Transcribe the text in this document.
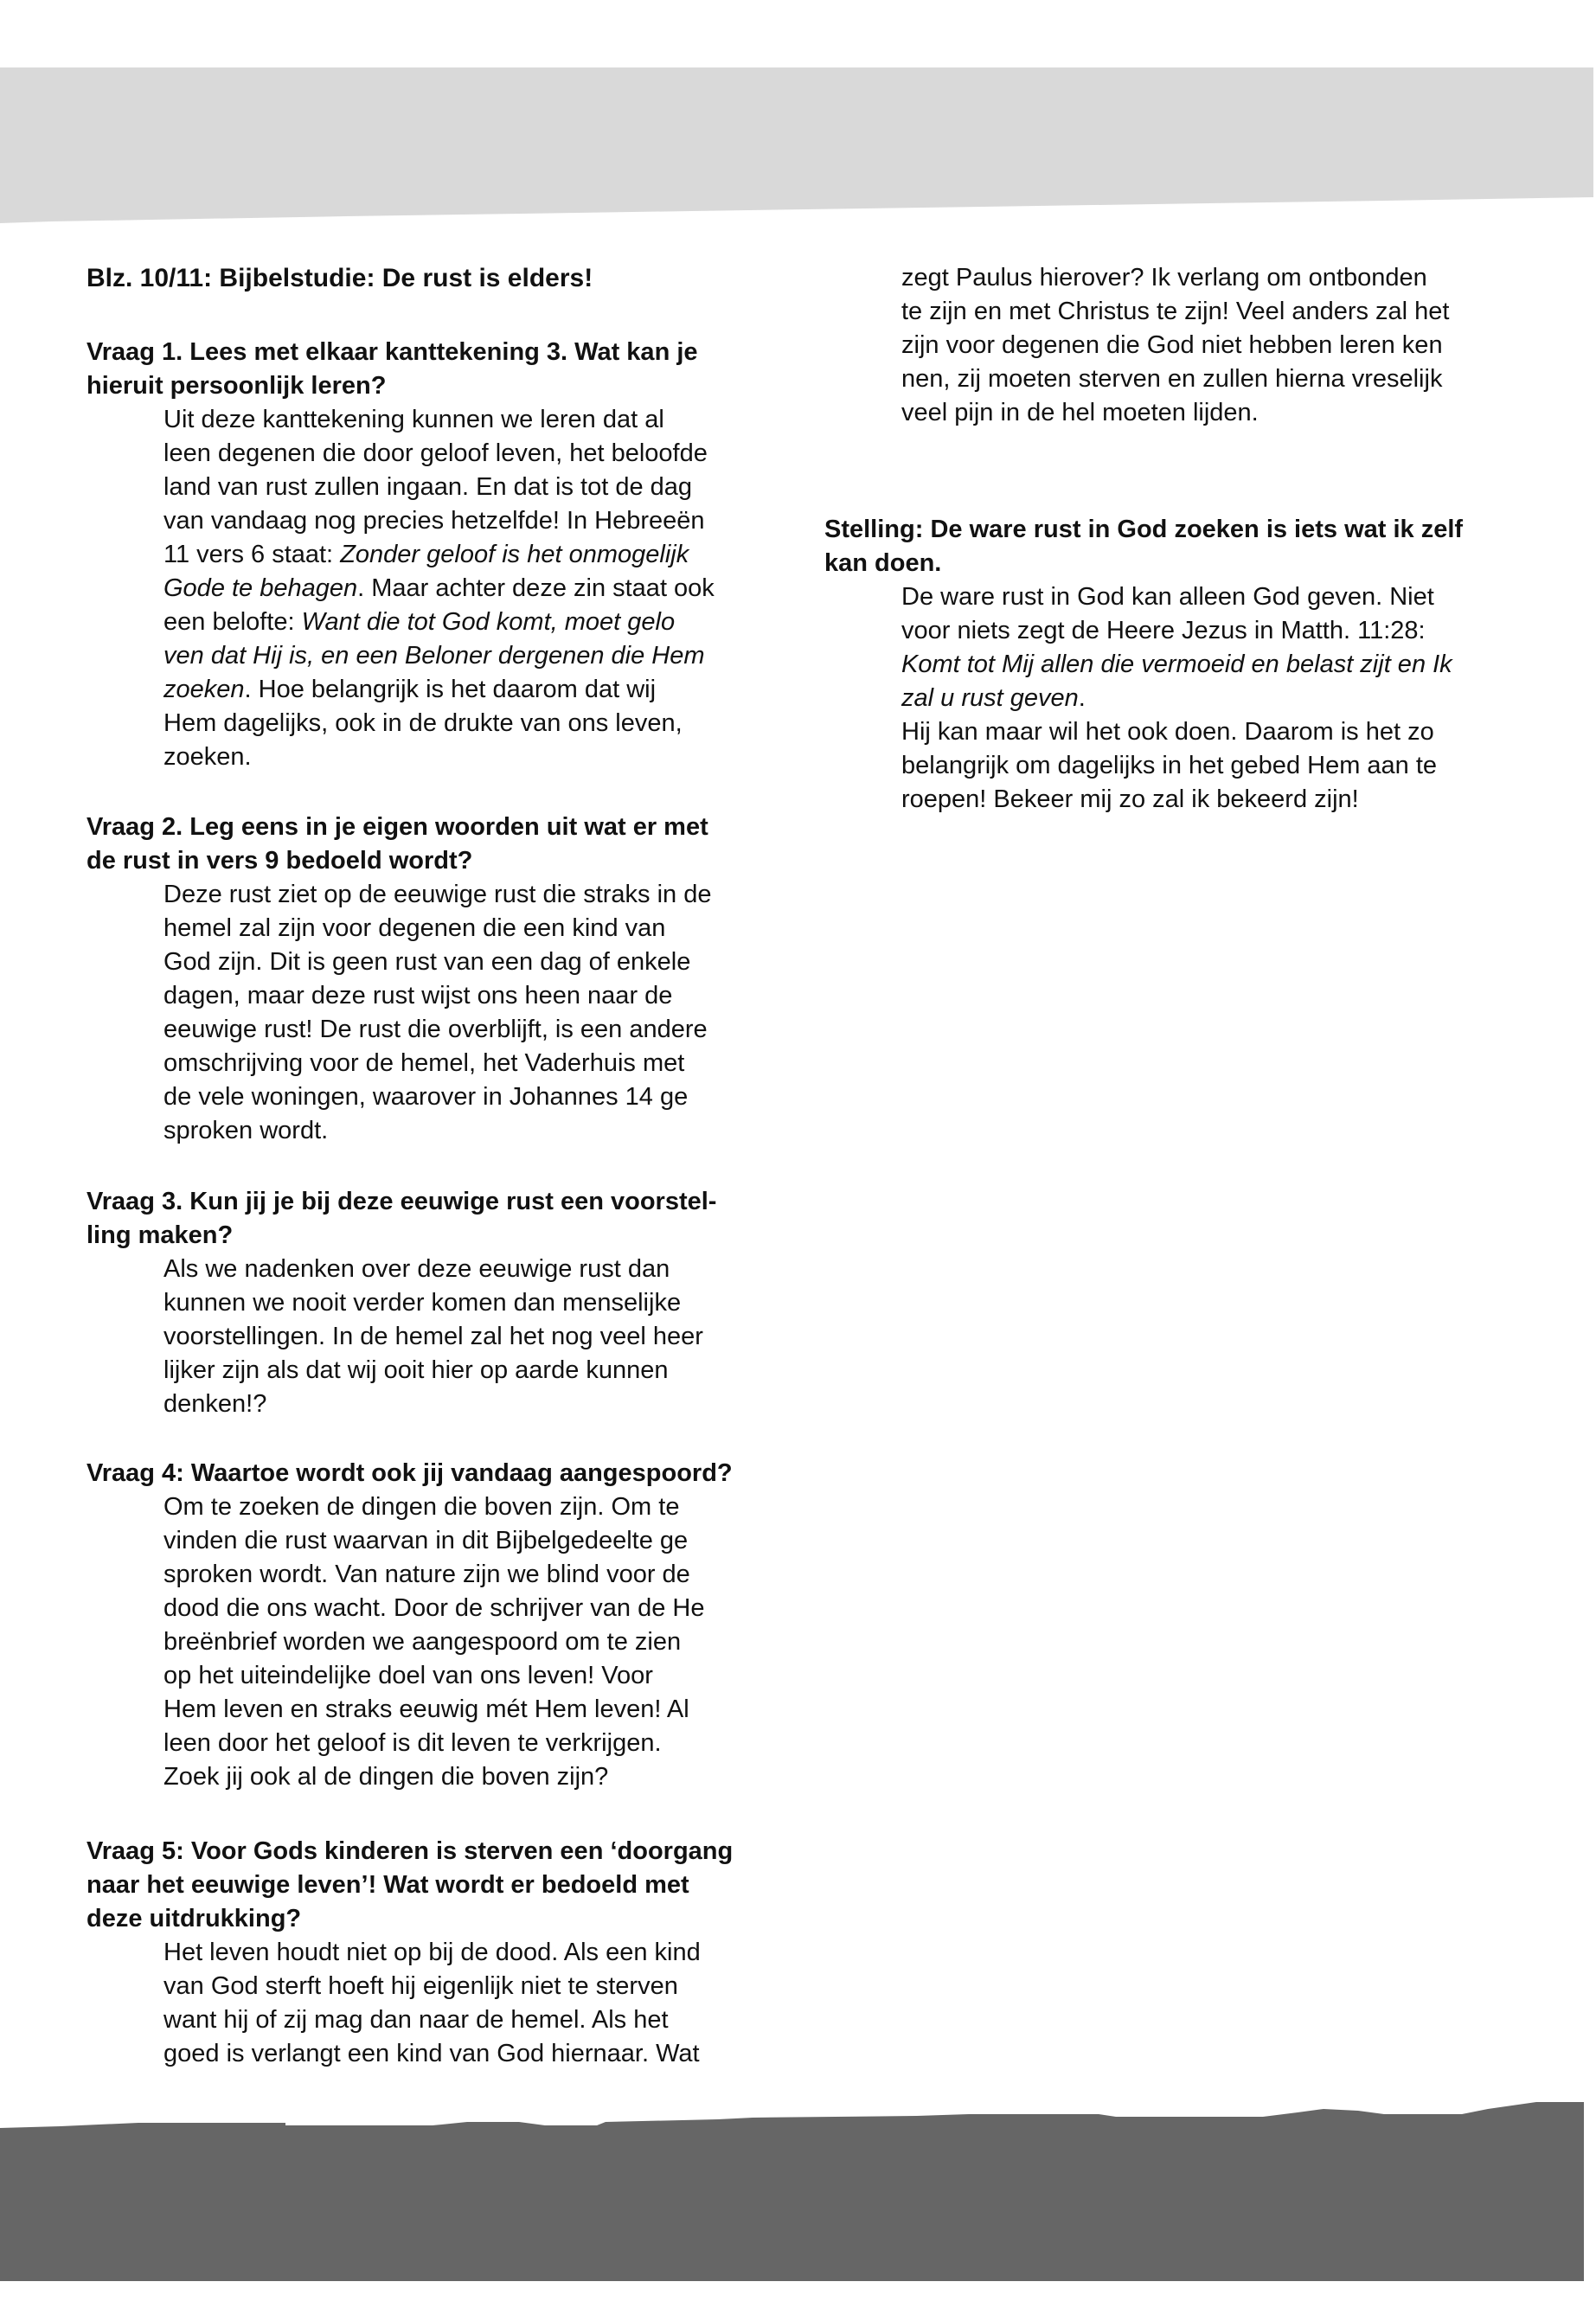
Blz. 10/11: Bijbelstudie: De rust is elders!
Vraag 1. Lees met elkaar kanttekening 3. Wat kan je
hieruit persoonlijk leren?
Uit deze kanttekening kunnen we leren dat al
leen degenen die door geloof leven, het beloofde
land van rust zullen ingaan. En dat is tot de dag
van vandaag nog precies hetzelfde! In Hebreeën
11 vers 6 staat: Zonder geloof is het onmogelijk
Gode te behagen. Maar achter deze zin staat ook
een belofte: Want die tot God komt, moet gelo
ven dat Hij is, en een Beloner dergenen die Hem
zoeken. Hoe belangrijk is het daarom dat wij
Hem dagelijks, ook in de drukte van ons leven,
zoeken.
Vraag 2. Leg eens in je eigen woorden uit wat er met
de rust in vers 9 bedoeld wordt?
Deze rust ziet op de eeuwige rust die straks in de
hemel zal zijn voor degenen die een kind van
God zijn. Dit is geen rust van een dag of enkele
dagen, maar deze rust wijst ons heen naar de
eeuwige rust! De rust die overblijft, is een andere
omschrijving voor de hemel, het Vaderhuis met
de vele woningen, waarover in Johannes 14 ge
sproken wordt.
Vraag 3. Kun jij je bij deze eeuwige rust een voorstel-
ling maken?
Als we nadenken over deze eeuwige rust dan
kunnen we nooit verder komen dan menselijke
voorstellingen. In de hemel zal het nog veel heer
lijker zijn als dat wij ooit hier op aarde kunnen
denken!?
Vraag 4: Waartoe wordt ook jij vandaag aangespoord?
Om te zoeken de dingen die boven zijn. Om te
vinden die rust waarvan in dit Bijbelgedeelte ge
sproken wordt. Van nature zijn we blind voor de
dood die ons wacht. Door de schrijver van de He
breënbrief worden we aangespoord om te zien
op het uiteindelijke doel van ons leven! Voor
Hem leven en straks eeuwig mét Hem leven! Al
leen door het geloof is dit leven te verkrijgen.
Zoek jij ook al de dingen die boven zijn?
Vraag 5: Voor Gods kinderen is sterven een ‘doorgang
naar het eeuwige leven’! Wat wordt er bedoeld met
deze uitdrukking?
Het leven houdt niet op bij de dood. Als een kind
van God sterft hoeft hij eigenlijk niet te sterven
want hij of zij mag dan naar de hemel. Als het
goed is verlangt een kind van God hiernaar. Wat
zegt Paulus hierover? Ik verlang om ontbonden
te zijn en met Christus te zijn! Veel anders zal het
zijn voor degenen die God niet hebben leren ken
nen, zij moeten sterven en zullen hierna vreselijk
veel pijn in de hel moeten lijden.
Stelling: De ware rust in God zoeken is iets wat ik zelf
kan doen.
De ware rust in God kan alleen God geven. Niet
voor niets zegt de Heere Jezus in Matth. 11:28:
Komt tot Mij allen die vermoeid en belast zijt en Ik
zal u rust geven.
Hij kan maar wil het ook doen. Daarom is het zo
belangrijk om dagelijks in het gebed Hem aan te
roepen! Bekeer mij zo zal ik bekeerd zijn!
